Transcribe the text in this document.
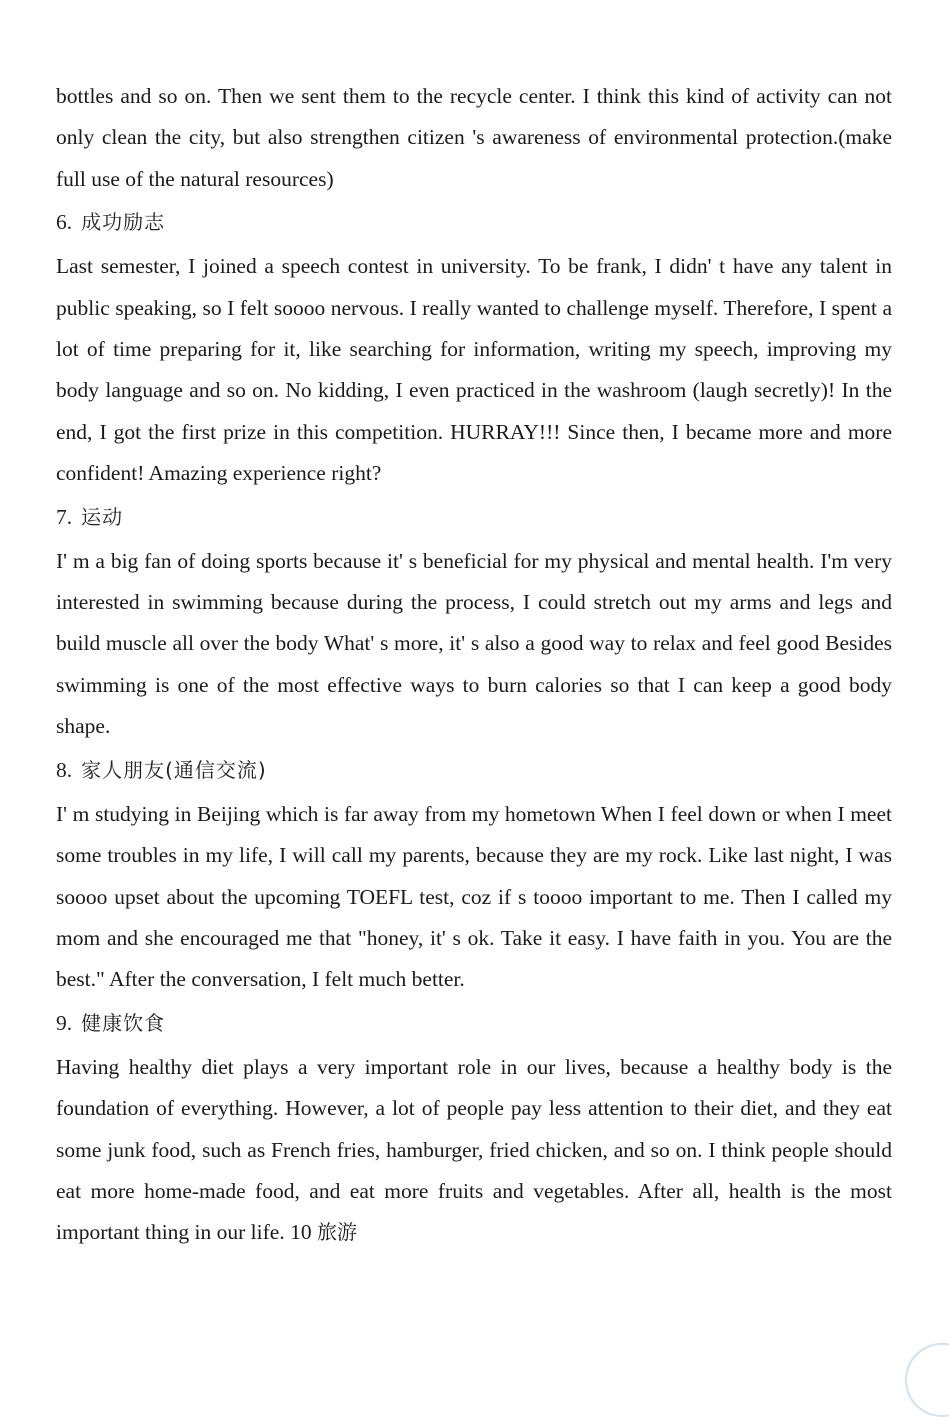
bottles and so on. Then we sent them to the recycle center. I think this kind of activity can not only clean the city, but also strengthen citizen 's awareness of environmental protection.(make full use of the natural resources)

6. 成功励志

Last semester, I joined a speech contest in university. To be frank, I didn' t have any talent in public speaking, so I felt soooo nervous. I really wanted to challenge myself. Therefore, I spent a lot of time preparing for it, like searching for information, writing my speech, improving my body language and so on. No kidding, I even practiced in the washroom (laugh secretly)! In the end, I got the first prize in this competition. HURRAY!!! Since then, I became more and more confident! Amazing experience right?

7. 运动

I' m a big fan of doing sports because it' s beneficial for my physical and mental health. I'm very interested in swimming because during the process, I could stretch out my arms and legs and build muscle all over the body What' s more, it' s also a good way to relax and feel good Besides swimming is one of the most effective ways to burn calories so that I can keep a good body shape.

8. 家人朋友(通信交流)

I' m studying in Beijing which is far away from my hometown When I feel down or when I meet some troubles in my life, I will call my parents, because they are my rock. Like last night, I was soooo upset about the upcoming TOEFL test, coz if s toooo important to me. Then I called my mom and she encouraged me that "honey, it' s ok. Take it easy. I have faith in you. You are the best." After the conversation, I felt much better.

9. 健康饮食

Having healthy diet plays a very important role in our lives, because a healthy body is the foundation of everything. However, a lot of people pay less attention to their diet, and they eat some junk food, such as French fries, hamburger, fried chicken, and so on. I think people should eat more home-made food, and eat more fruits and vegetables. After all, health is the most important thing in our life. 10 旅游
